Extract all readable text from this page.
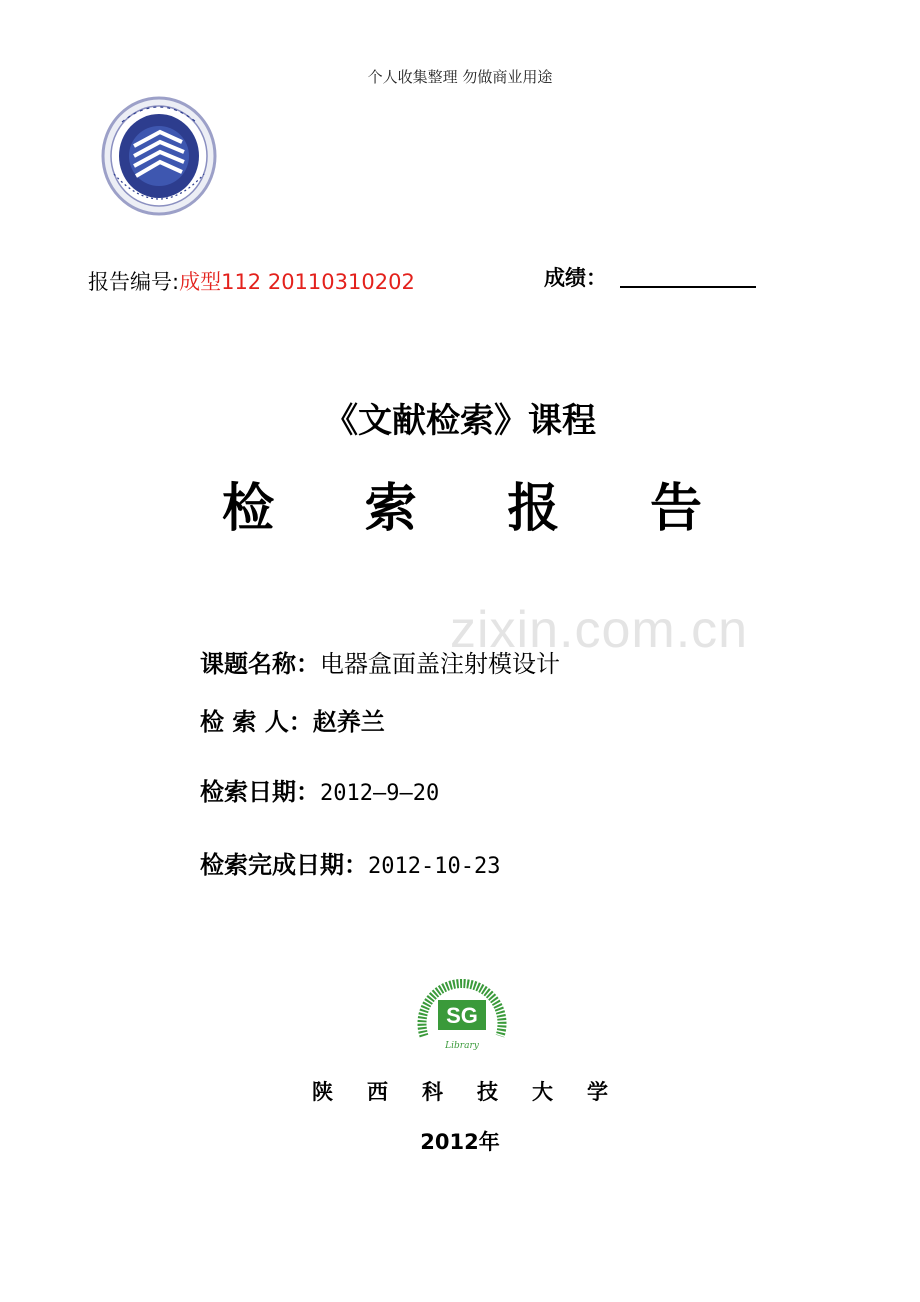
个人收集整理 勿做商业用途
报告编号:成型112 20110310202	成绩：
《文献检索》课程
检 索 报 告
zixin.com.cn
课题名称：电器盒面盖注射模设计
检 索 人：赵养兰
检索日期：2012—9—20
检索完成日期：2012-10-23
SG
Library
陕 西 科 技 大 学
2012年
